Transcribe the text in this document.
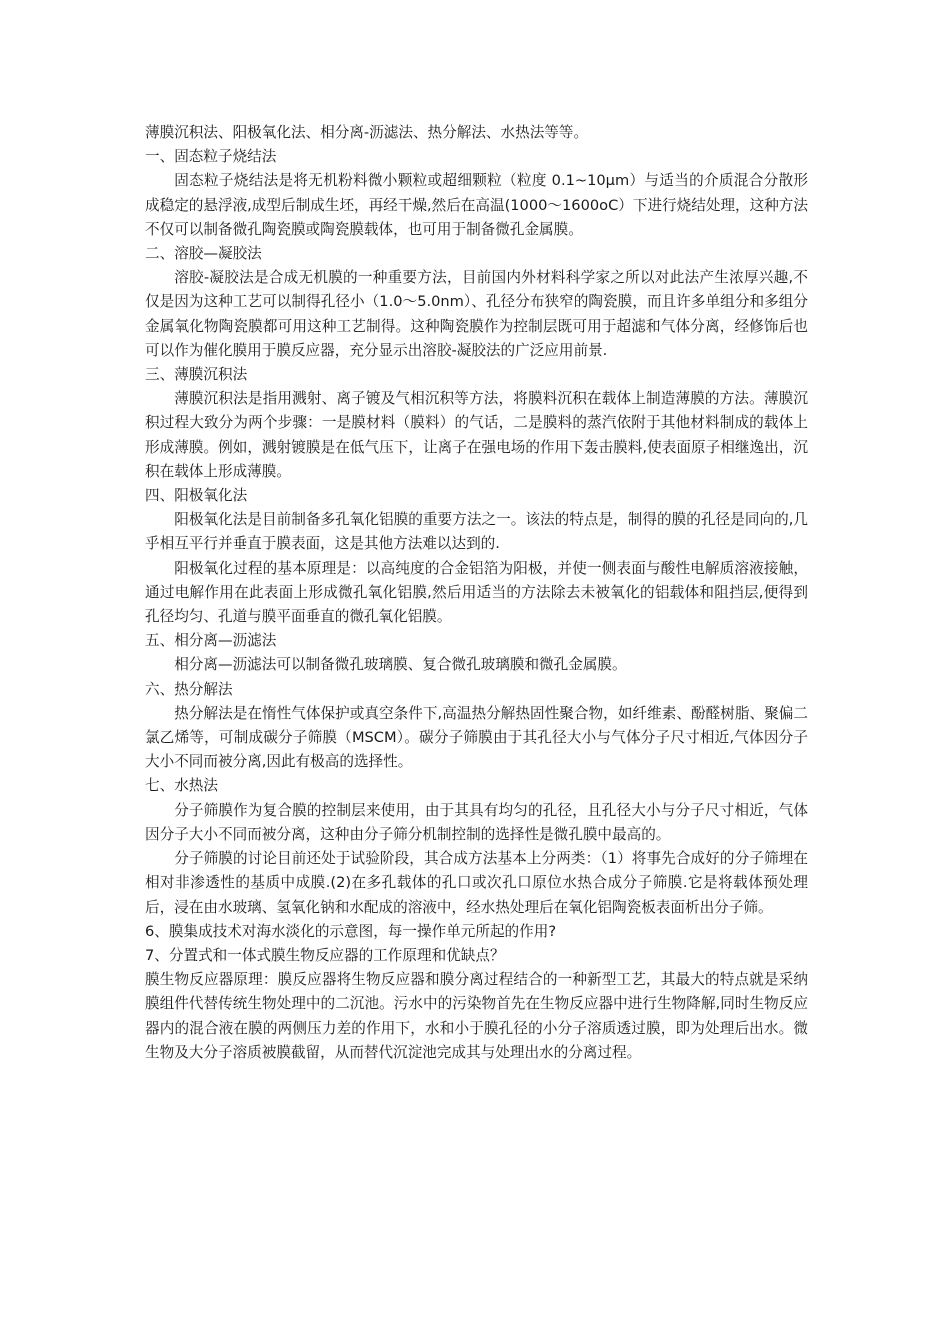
薄膜沉积法、阳极氧化法、相分离-沥滤法、热分解法、水热法等等。

一、固态粒子烧结法

固态粒子烧结法是将无机粉料微小颗粒或超细颗粒（粒度 0.1~10μm）与适当的介质混合分散形成稳定的悬浮液,成型后制成生坯，再经干燥,然后在高温(1000～1600oC）下进行烧结处理，这种方法不仅可以制备微孔陶瓷膜或陶瓷膜载体，也可用于制备微孔金属膜。

二、溶胶—凝胶法

溶胶-凝胶法是合成无机膜的一种重要方法，目前国内外材料科学家之所以对此法产生浓厚兴趣,不仅是因为这种工艺可以制得孔径小（1.0～5.0nm）、孔径分布狭窄的陶瓷膜，而且许多单组分和多组分金属氧化物陶瓷膜都可用这种工艺制得。这种陶瓷膜作为控制层既可用于超滤和气体分离，经修饰后也可以作为催化膜用于膜反应器，充分显示出溶胶-凝胶法的广泛应用前景.

三、薄膜沉积法

薄膜沉积法是指用溅射、离子镀及气相沉积等方法，将膜料沉积在载体上制造薄膜的方法。薄膜沉积过程大致分为两个步骤：一是膜材料（膜料）的气话，二是膜料的蒸汽依附于其他材料制成的载体上形成薄膜。例如，溅射镀膜是在低气压下，让离子在强电场的作用下轰击膜料,使表面原子相继逸出，沉积在载体上形成薄膜。

四、阳极氧化法

阳极氧化法是目前制备多孔氧化铝膜的重要方法之一。该法的特点是，制得的膜的孔径是同向的,几乎相互平行并垂直于膜表面，这是其他方法难以达到的.

阳极氧化过程的基本原理是：以高纯度的合金铝箔为阳极，并使一侧表面与酸性电解质溶液接触，通过电解作用在此表面上形成微孔氧化铝膜,然后用适当的方法除去未被氧化的铝载体和阻挡层,便得到孔径均匀、孔道与膜平面垂直的微孔氧化铝膜。

五、相分离—沥滤法

相分离—沥滤法可以制备微孔玻璃膜、复合微孔玻璃膜和微孔金属膜。

六、热分解法

热分解法是在惰性气体保护或真空条件下,高温热分解热固性聚合物，如纤维素、酚醛树脂、聚偏二氯乙烯等，可制成碳分子筛膜（MSCM）。碳分子筛膜由于其孔径大小与气体分子尺寸相近,气体因分子大小不同而被分离,因此有极高的选择性。

七、水热法

分子筛膜作为复合膜的控制层来使用，由于其具有均匀的孔径，且孔径大小与分子尺寸相近，气体因分子大小不同而被分离，这种由分子筛分机制控制的选择性是微孔膜中最高的。

分子筛膜的讨论目前还处于试验阶段，其合成方法基本上分两类：（1）将事先合成好的分子筛埋在相对非渗透性的基质中成膜.(2)在多孔载体的孔口或次孔口原位水热合成分子筛膜.它是将载体预处理后，浸在由水玻璃、氢氧化钠和水配成的溶液中，经水热处理后在氧化铝陶瓷板表面析出分子筛。

6、膜集成技术对海水淡化的示意图，每一操作单元所起的作用?

7、分置式和一体式膜生物反应器的工作原理和优缺点？

膜生物反应器原理：膜反应器将生物反应器和膜分离过程结合的一种新型工艺，其最大的特点就是采纳膜组件代替传统生物处理中的二沉池。污水中的污染物首先在生物反应器中进行生物降解,同时生物反应器内的混合液在膜的两侧压力差的作用下，水和小于膜孔径的小分子溶质透过膜，即为处理后出水。微生物及大分子溶质被膜截留，从而替代沉淀池完成其与处理出水的分离过程。
